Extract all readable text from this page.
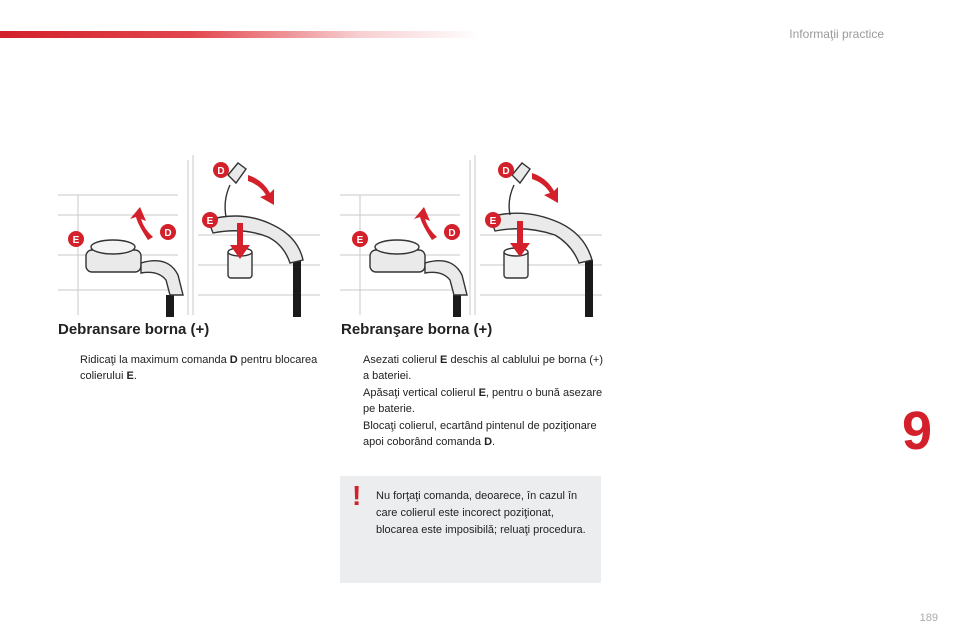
Informaţii practice
D
E
D
E
D
E
D
E
Debransare borna (+)
Ridicaţi la maximum comanda D pentru blocarea colierului E.
Rebranşare borna (+)
Asezati colierul E deschis al cablului pe borna (+) a bateriei.
Apăsaţi vertical colierul E, pentru o bună asezare pe baterie.
Blocaţi colierul, ecartând pintenul de poziţionare apoi coborând comanda D.
! Nu forţaţi comanda, deoarece, în cazul în care colierul este incorect poziţionat, blocarea este imposibilă; reluaţi procedura.
9
189
